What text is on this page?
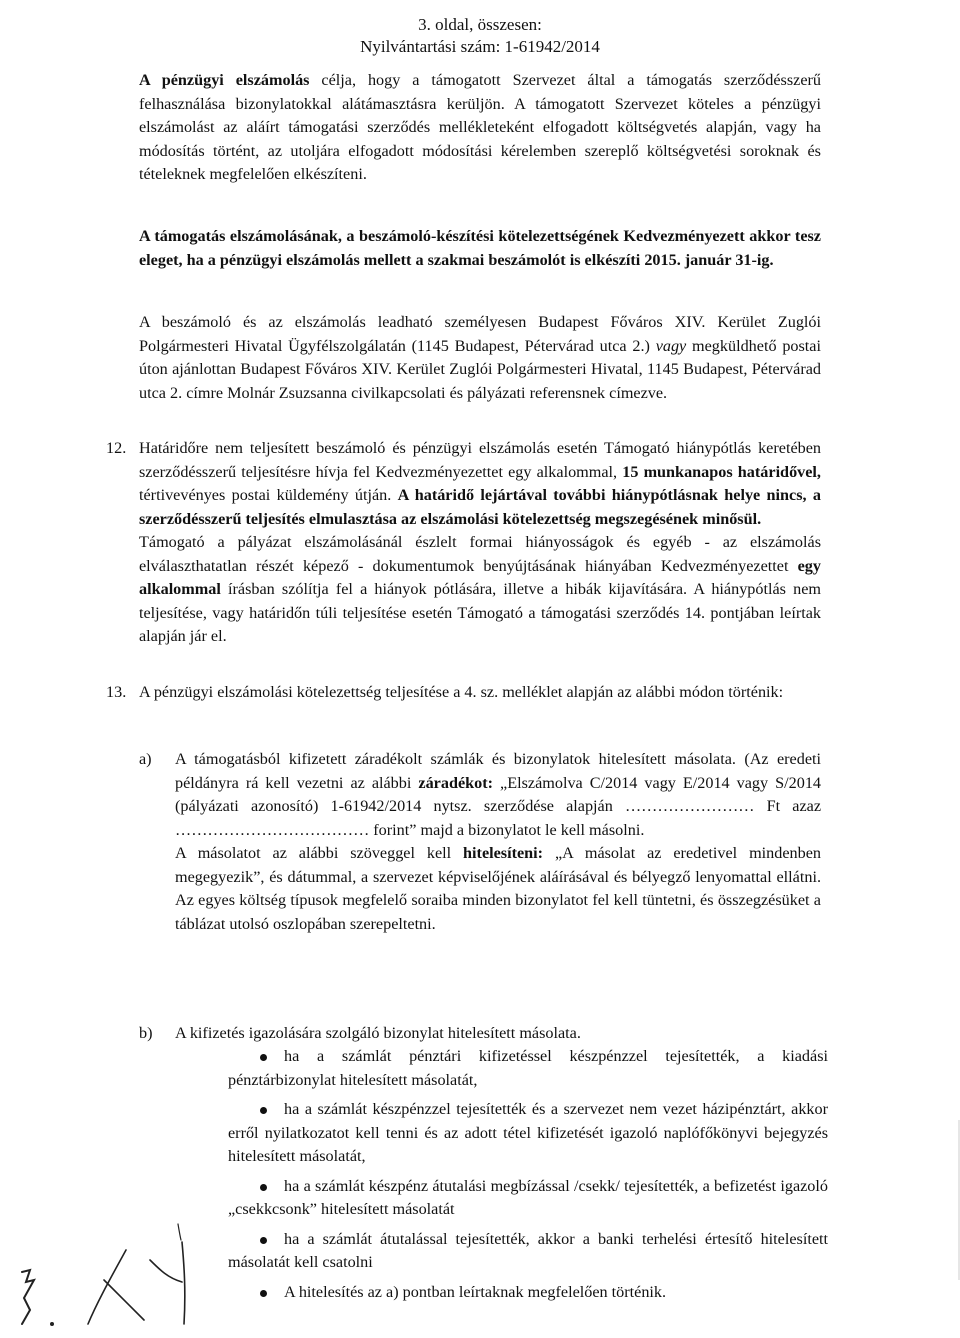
3. oldal, összesen:
Nyilvántartási szám: 1-61942/2014
A pénzügyi elszámolás célja, hogy a támogatott Szervezet által a támogatás szerződésszerű felhasználása bizonylatokkal alátámasztásra kerüljön. A támogatott Szervezet köteles a pénzügyi elszámolást az aláírt támogatási szerződés mellékleteként elfogadott költségvetés alapján, vagy ha módosítás történt, az utoljára elfogadott módosítási kérelemben szereplő költségvetési soroknak és tételeknek megfelelően elkészíteni.
A támogatás elszámolásának, a beszámoló-készítési kötelezettségének Kedvezményezett akkor tesz eleget, ha a pénzügyi elszámolás mellett a szakmai beszámolót is elkészíti 2015. január 31-ig.
A beszámoló és az elszámolás leadható személyesen Budapest Főváros XIV. Kerület Zuglói Polgármesteri Hivatal Ügyfélszolgálatán (1145 Budapest, Pétervárad utca 2.) vagy megküldhető postai úton ajánlottan Budapest Főváros XIV. Kerület Zuglói Polgármesteri Hivatal, 1145 Budapest, Pétervárad utca 2. címre Molnár Zsuzsanna civilkapcsolati és pályázati referensnek címezve.
12. Határidőre nem teljesített beszámoló és pénzügyi elszámolás esetén Támogató hiánypótlás keretében szerződésszerű teljesítésre hívja fel Kedvezményezettet egy alkalommal, 15 munkanapos határidővel, tértivevényes postai küldemény útján. A határidő lejártával további hiánypótlásnak helye nincs, a szerződésszerű teljesítés elmulasztása az elszámolási kötelezettség megszegésének minősül.
Támogató a pályázat elszámolásánál észlelt formai hiányosságok és egyéb - az elszámolás elválaszthatatlan részét képező - dokumentumok benyújtásának hiányában Kedvezményezettet egy alkalommal írásban szólítja fel a hiányok pótlására, illetve a hibák kijavítására. A hiánypótlás nem teljesítése, vagy határidőn túli teljesítése esetén Támogató a támogatási szerződés 14. pontjában leírtak alapján jár el.
13. A pénzügyi elszámolási kötelezettség teljesítése a 4. sz. melléklet alapján az alábbi módon történik:
a) A támogatásból kifizetett záradékolt számlák és bizonylatok hitelesített másolata. (Az eredeti példányra rá kell vezetni az alábbi záradékot: „Elszámolva C/2014 vagy E/2014 vagy S/2014 (pályázati azonosító) 1-61942/2014 nytsz. szerződése alapján …………………… Ft azaz ……………………………… forint” majd a bizonylatot le kell másolni.
A másolatot az alábbi szöveggel kell hitelesíteni: „A másolat az eredetivel mindenben megegyezik”, és dátummal, a szervezet képviselőjének aláírásával és bélyegző lenyomattal ellátni. Az egyes költség típusok megfelelő soraiba minden bizonylatot fel kell tüntetni, és összegzésüket a táblázat utolsó oszlopában szerepeltetni.
b) A kifizetés igazolására szolgáló bizonylat hitelesített másolata.
ha a számlát pénztári kifizetéssel készpénzzel tejesítették, a kiadási pénztárbizonylat hitelesített másolatát,
ha a számlát készpénzzel tejesítették és a szervezet nem vezet házipénztárt, akkor erről nyilatkozatot kell tenni és az adott tétel kifizetését igazoló naplófőkönyvi bejegyzés hitelesített másolatát,
ha a számlát készpénz átutalási megbízással /csekk/ tejesítették, a befizetést igazoló „csekkcsonk” hitelesített másolatát
ha a számlát átutalással tejesítették, akkor a banki terhelési értesítő hitelesített másolatát kell csatolni
A hitelesítés az a) pontban leírtaknak megfelelően történik.
